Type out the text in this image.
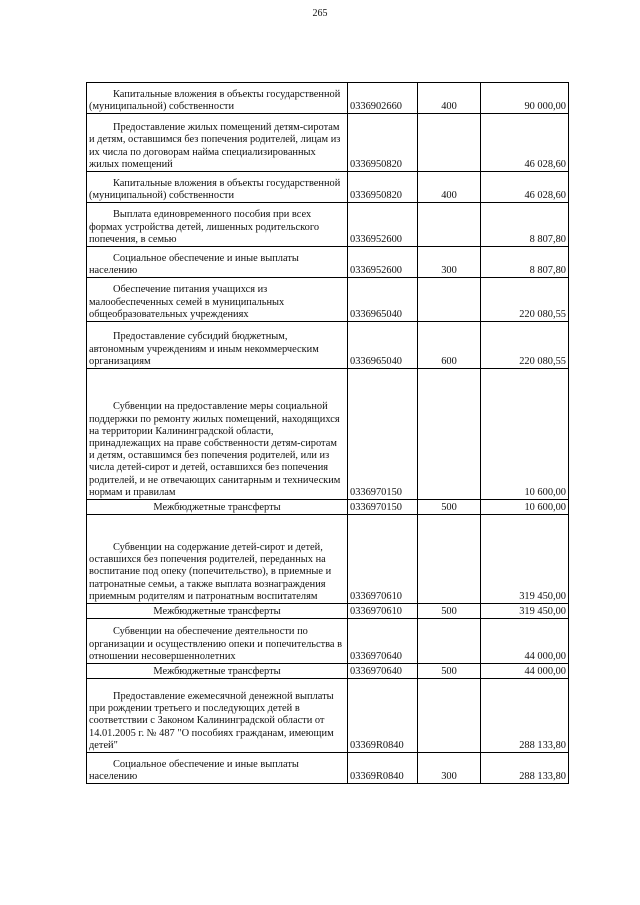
265
Капитальные вложения в объекты государственной (муниципальной) собственности	0336902660	400	90 000,00
Предоставление жилых помещений детям-сиротам и детям, оставшимся без попечения родителей, лицам из их числа по договорам найма специализированных жилых помещений	0336950820		46 028,60
Капитальные вложения в объекты государственной (муниципальной) собственности	0336950820	400	46 028,60
Выплата единовременного пособия при всех формах устройства детей, лишенных родительского попечения, в семью	0336952600		8 807,80
Социальное обеспечение и иные выплаты населению	0336952600	300	8 807,80
Обеспечение питания учащихся из малообеспеченных семей в муниципальных общеобразовательных учреждениях	0336965040		220 080,55
Предоставление субсидий бюджетным, автономным учреждениям и иным некоммерческим организациям	0336965040	600	220 080,55
Субвенции на предоставление меры социальной поддержки по ремонту жилых помещений, находящихся на территории Калининградской области, принадлежащих на праве собственности детям-сиротам и детям, оставшимся без попечения родителей, или из числа детей-сирот и детей, оставшихся без попечения родителей, и не отвечающих санитарным и техническим нормам и правилам	0336970150		10 600,00
Межбюджетные трансферты	0336970150	500	10 600,00
Субвенции на содержание детей-сирот и детей, оставшихся без попечения родителей, переданных на воспитание под опеку (попечительство), в приемные и патронатные семьи, а также выплата вознаграждения приемным родителям и патронатным воспитателям	0336970610		319 450,00
Межбюджетные трансферты	0336970610	500	319 450,00
Субвенции на обеспечение деятельности по организации и осуществлению опеки и попечительства в отношении несовершеннолетних	0336970640		44 000,00
Межбюджетные трансферты	0336970640	500	44 000,00
Предоставление ежемесячной денежной выплаты при рождении третьего и последующих детей в соответствии с Законом Калининградской области от 14.01.2005 г. № 487 "О пособиях гражданам, имеющим детей"	03369R0840		288 133,80
Социальное обеспечение и иные выплаты населению	03369R0840	300	288 133,80
